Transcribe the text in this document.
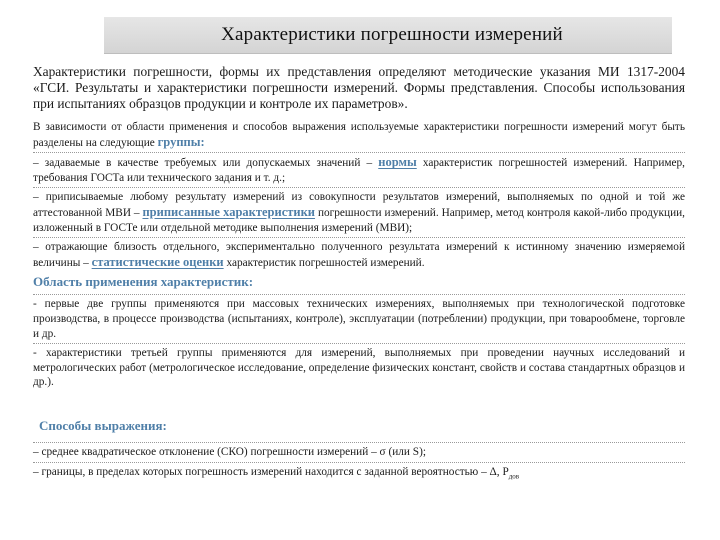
Характеристики погрешности измерений

Характеристики погрешности, формы их представления определяют методические указания МИ 1317-2004 «ГСИ. Результаты и характеристики погрешности измерений. Формы представления. Способы использования при испытаниях образцов продукции и контроле их параметров».

В зависимости от области применения и способов выражения используемые характеристики погрешности измерений могут быть разделены на следующие группы:

– задаваемые в качестве требуемых или допускаемых значений – нормы характеристик погрешностей измерений. Например, требования ГОСТа или технического задания и т. д.;

– приписываемые любому результату измерений из совокупности результатов измерений, выполняемых по одной и той же аттестованной МВИ – приписанные характеристики погрешности измерений. Например, метод контроля какой-либо продукции, изложенный в ГОСТе или отдельной методике выполнения измерений (МВИ);

– отражающие близость отдельного, экспериментально полученного результата измерений к истинному значению измеряемой величины – статистические оценки характеристик погрешностей измерений.

Область применения характеристик:

- первые две группы применяются при массовых технических измерениях, выполняемых при технологической подготовке производства, в процессе производства (испытаниях, контроле), эксплуатации (потреблении) продукции, при товарообмене, торговле и др.

- характеристики третьей группы применяются для измерений, выполняемых при проведении научных исследований и метрологических работ (метрологическое исследование, определение физических констант, свойств и состава стандартных образцов и др.).

Способы выражения:

– среднее квадратическое отклонение (СКО) погрешности измерений – σ (или S);

– границы, в пределах которых погрешность измерений находится с заданной вероятностью – Δ, $P_{дов}$
